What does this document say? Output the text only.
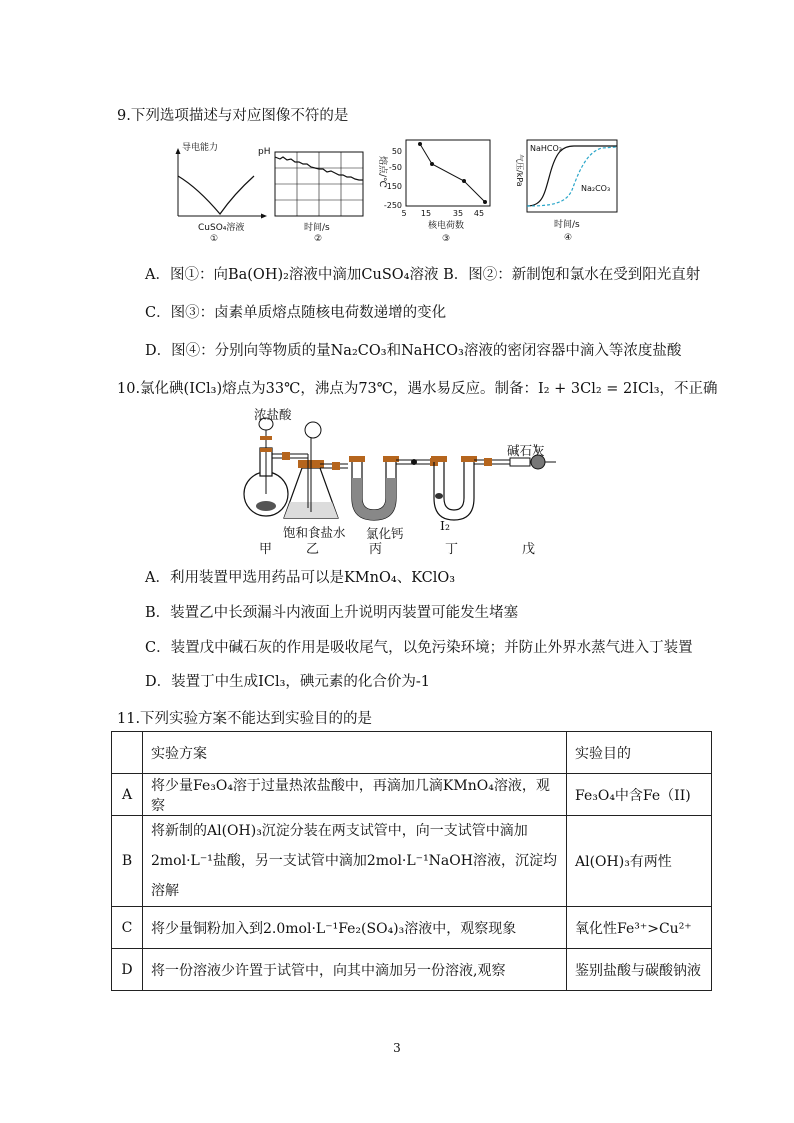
9.下列选项描述与对应图像不符的是
导电能力
CuSO₄溶液
①
pH
时间/s
②
50
-50
-150
-250
5 15	35 45
熔点/℃
核电荷数
③
NaHCO₃
Na₂CO₃
气压/kPa
时间/s
④
A．图①：向Ba(OH)₂溶液中滴加CuSO₄溶液 B．图②：新制饱和氯水在受到阳光直射
C．图③：卤素单质熔点随核电荷数递增的变化
D．图④：分别向等物质的量Na₂CO₃和NaHCO₃溶液的密闭容器中滴入等浓度盐酸
10.氯化碘(ICl₃)熔点为33℃，沸点为73℃，遇水易反应。制备：I₂ + 3Cl₂ = 2ICl₃，不正确
浓盐酸
碱石灰
饱和食盐水 氯化钙
I₂
甲	乙	丙	丁	戊
A．利用装置甲选用药品可以是KMnO₄、KClO₃
B．装置乙中长颈漏斗内液面上升说明丙装置可能发生堵塞
C．装置戊中碱石灰的作用是吸收尾气，以免污染环境；并防止外界水蒸气进入丁装置
D．装置丁中生成ICl₃，碘元素的化合价为-1
11.下列实验方案不能达到实验目的的是
	实验方案	实验目的
A	将少量Fe₃O₄溶于过量热浓盐酸中，再滴加几滴KMnO₄溶液，观察	Fe₃O₄中含Fe（II)
B	将新制的Al(OH)₃沉淀分装在两支试管中，向一支试管中滴加
2mol·L⁻¹盐酸，另一支试管中滴加2mol·L⁻¹NaOH溶液，沉淀均溶解	Al(OH)₃有两性
C	将少量铜粉加入到2.0mol·L⁻¹Fe₂(SO₄)₃溶液中，观察现象	氧化性Fe³⁺>Cu²⁺
D	将一份溶液少许置于试管中，向其中滴加另一份溶液,观察	鉴别盐酸与碳酸钠液
3
